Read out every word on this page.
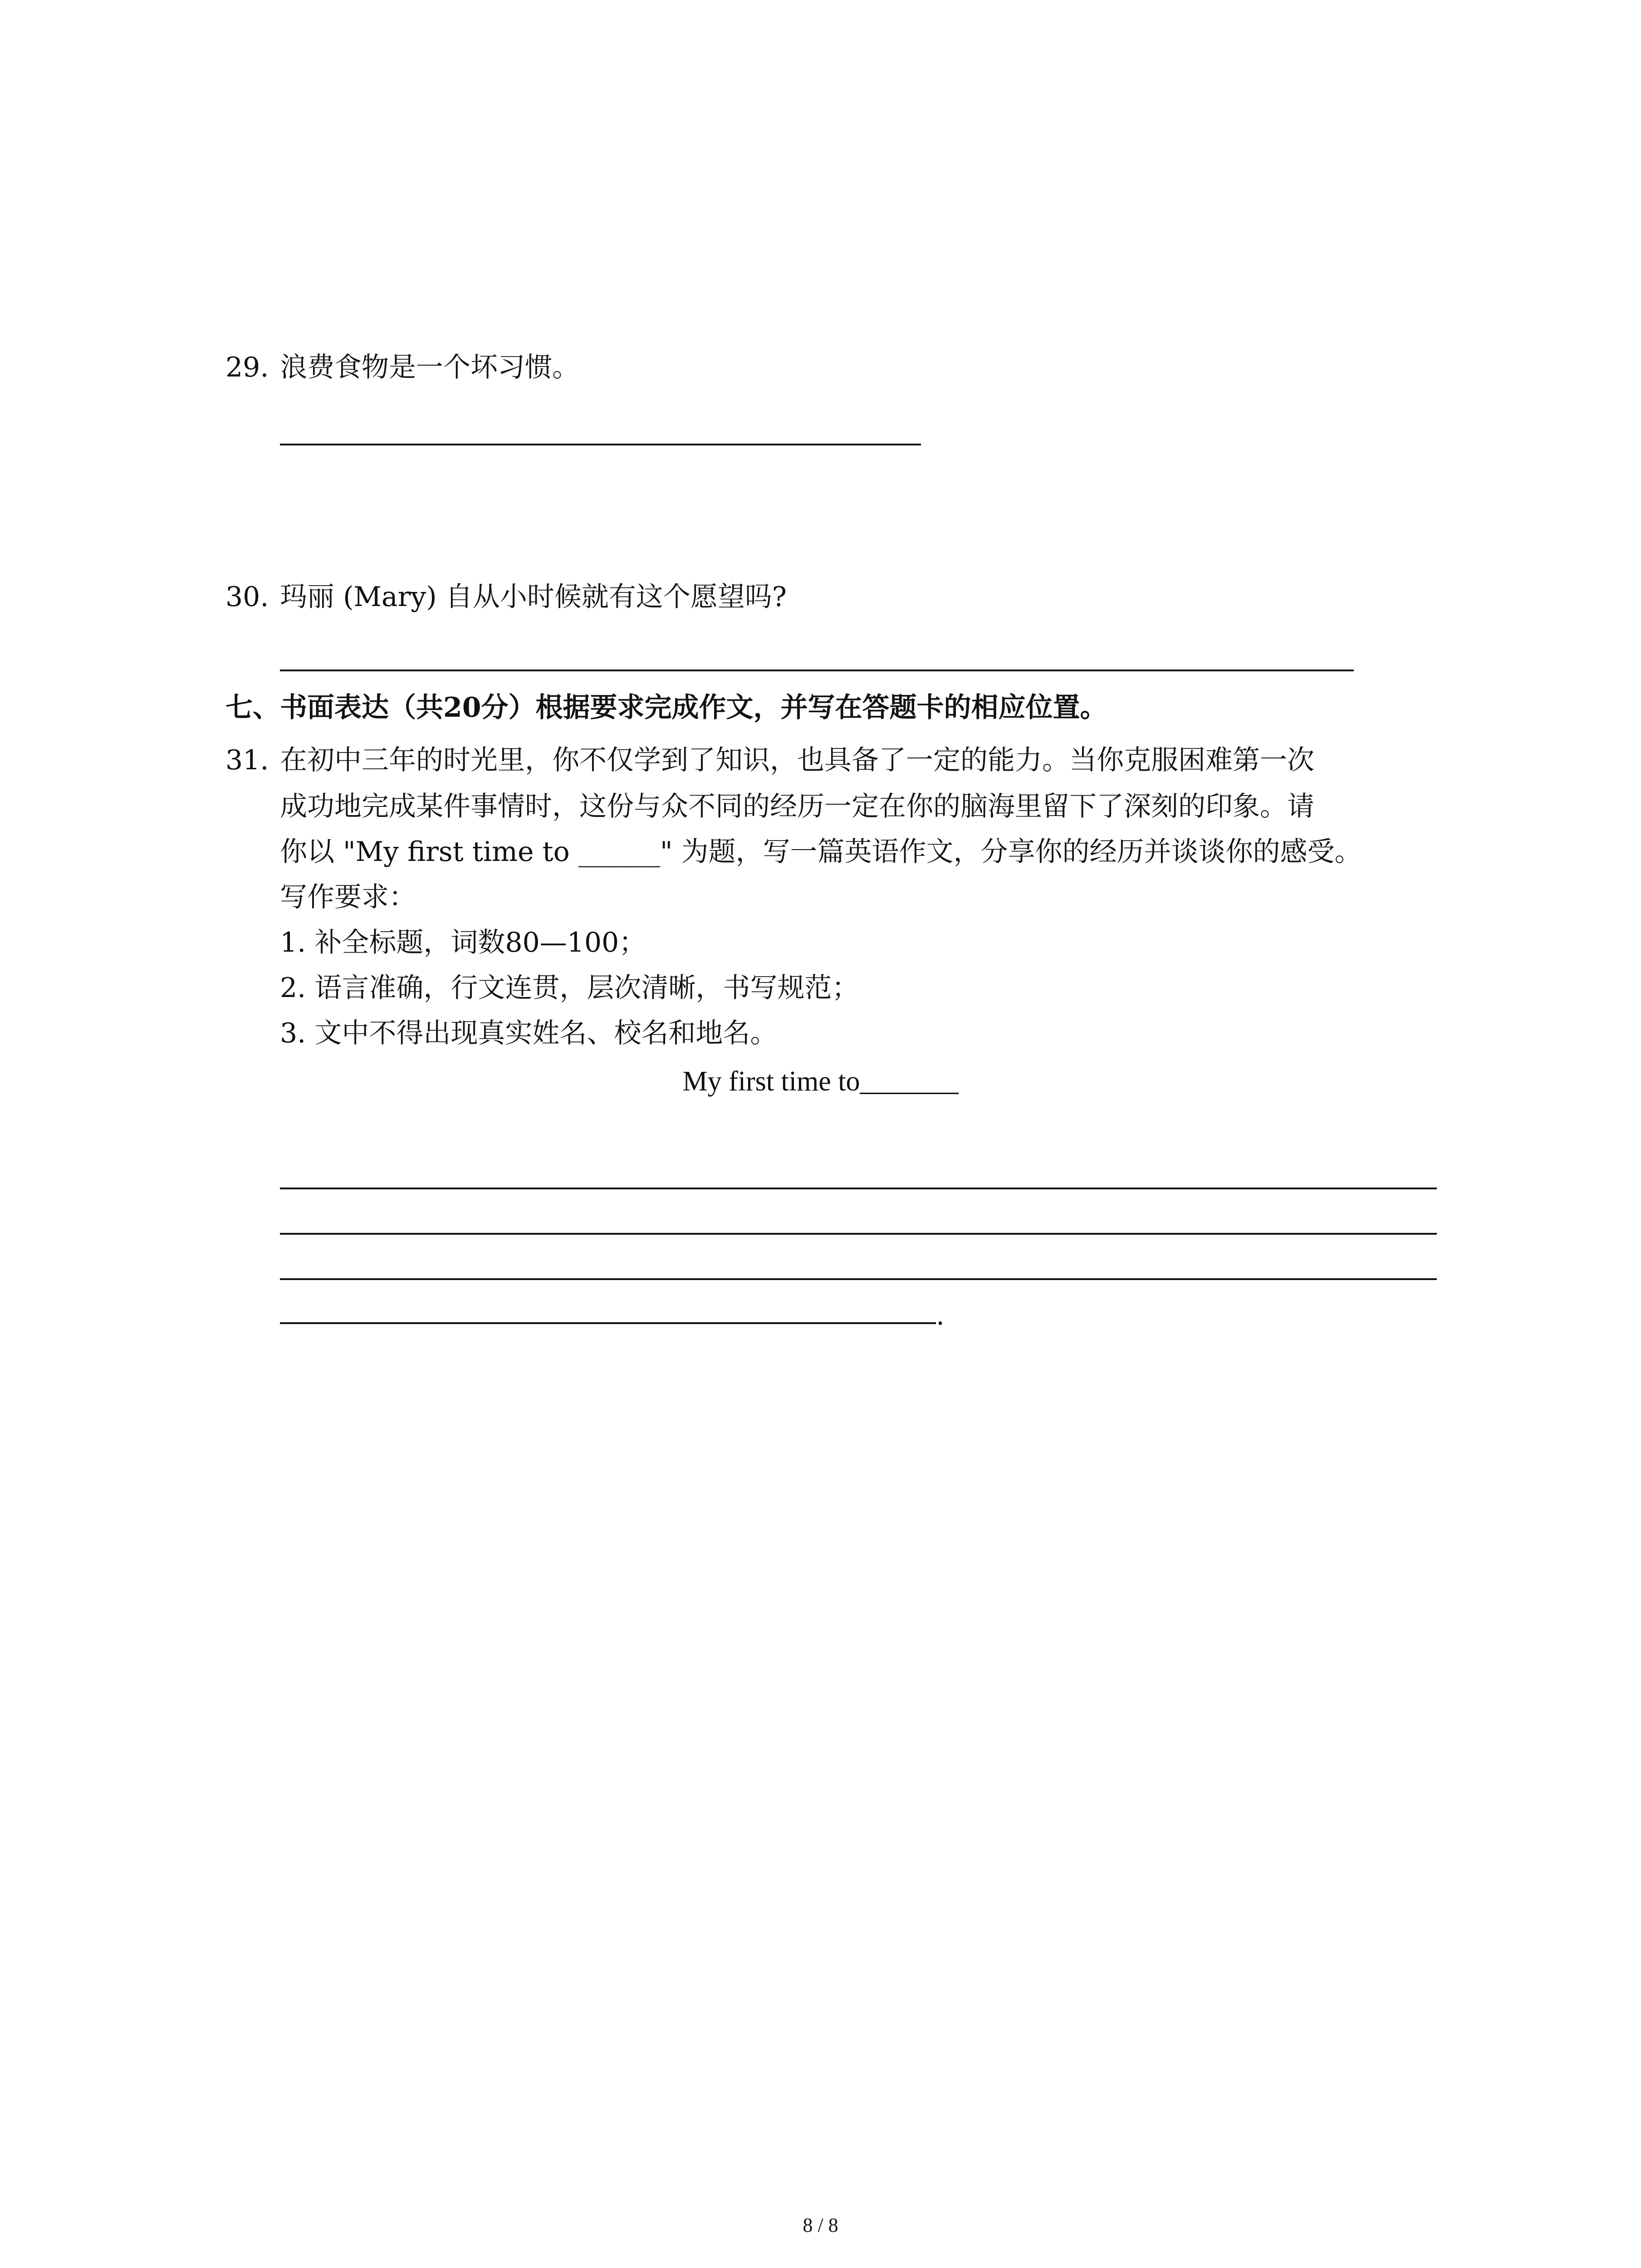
29. 浪费食物是一个坏习惯。
30. 玛丽 (Mary) 自从小时候就有这个愿望吗?
七、书面表达（共20分）根据要求完成作文，并写在答题卡的相应位置。
31. 在初中三年的时光里，你不仅学到了知识，也具备了一定的能力。当你克服困难第一次
成功地完成某件事情时，这份与众不同的经历一定在你的脑海里留下了深刻的印象。请
你以 "My first time to ______" 为题，写一篇英语作文，分享你的经历并谈谈你的感受。
写作要求：
1. 补全标题，词数80—100；
2. 语言准确，行文连贯，层次清晰，书写规范；
3. 文中不得出现真实姓名、校名和地名。
My first time to_______
.
8 / 8
